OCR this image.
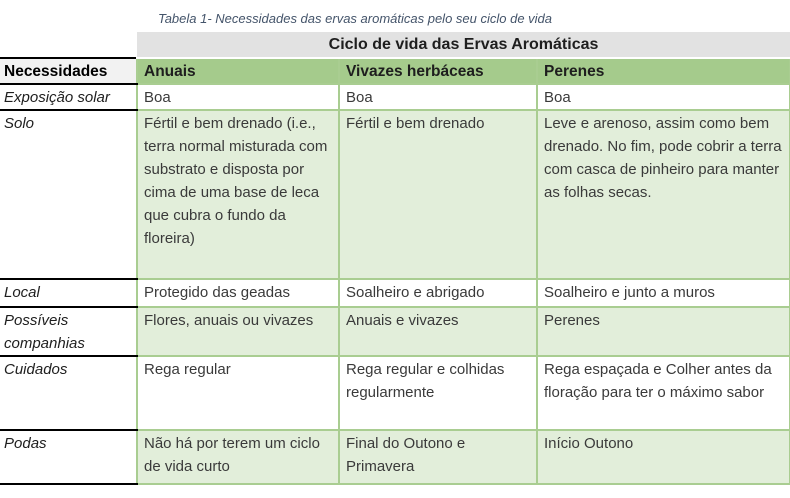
Tabela 1- Necessidades das ervas aromáticas pelo seu ciclo de vida
	Ciclo de vida das Ervas Aromáticas		
Necessidades	Anuais	Vivazes herbáceas	Perenes
Exposição solar	Boa	Boa	Boa
Solo	Fértil e bem drenado (i.e., terra normal misturada com substrato e disposta por cima de uma base de leca que cubra o fundo da floreira)	Fértil e bem drenado	Leve e arenoso, assim como bem drenado. No fim, pode cobrir a terra com casca de pinheiro para manter as folhas secas.
Local	Protegido das geadas	Soalheiro e abrigado	Soalheiro e junto a muros
Possíveis companhias	Flores, anuais ou vivazes	Anuais e vivazes	Perenes
Cuidados	Rega regular	Rega regular e colhidas regularmente	Rega espaçada e Colher antes da floração para ter o máximo sabor
Podas	Não há por terem um ciclo de vida curto	Final do Outono e Primavera	Início Outono
